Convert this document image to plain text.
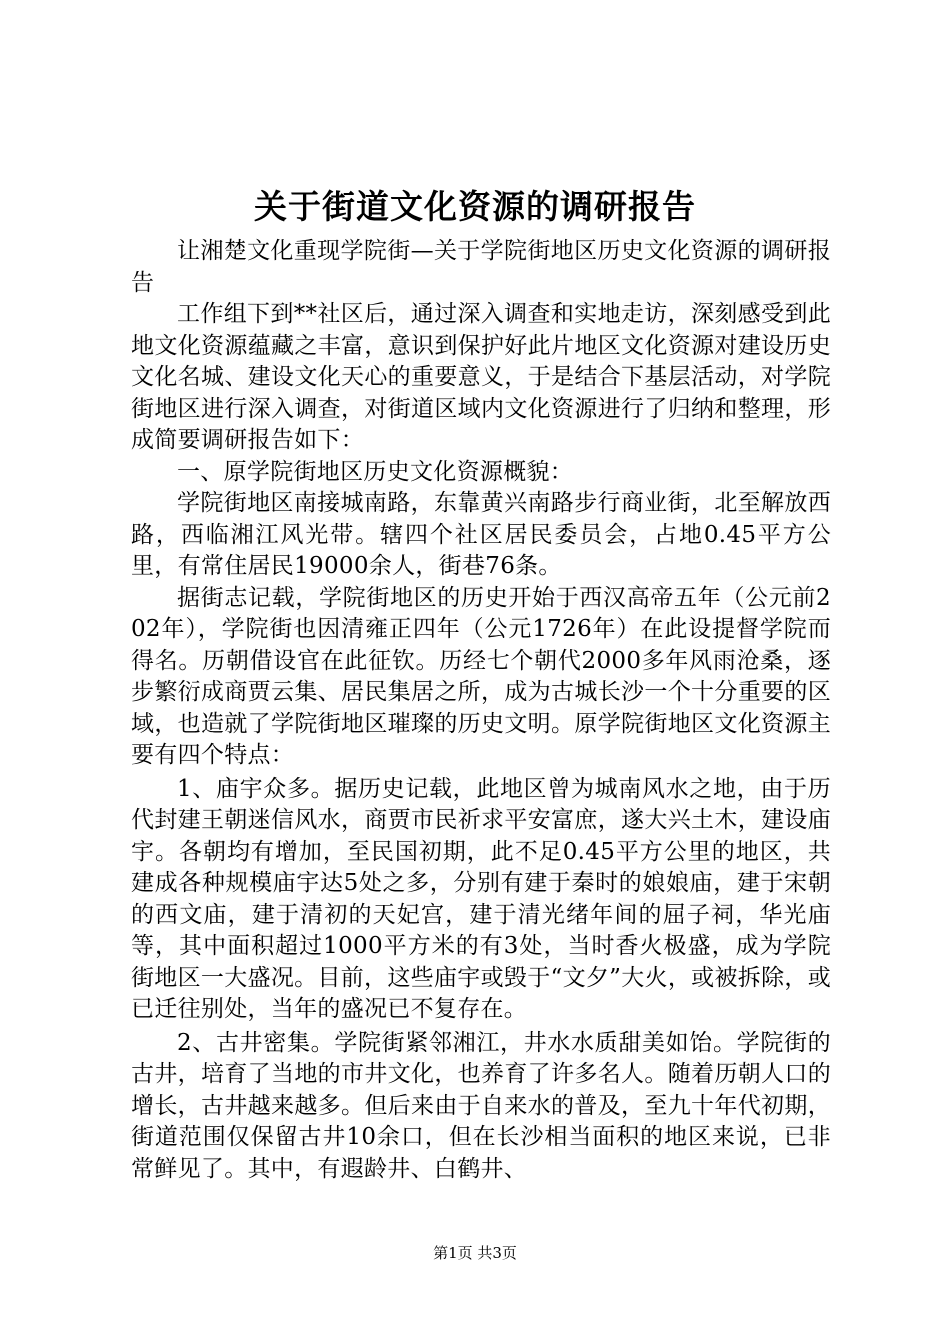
关于街道文化资源的调研报告

让湘楚文化重现学院街—关于学院街地区历史文化资源的调研报告

工作组下到**社区后，通过深入调查和实地走访，深刻感受到此地文化资源蕴藏之丰富，意识到保护好此片地区文化资源对建设历史文化名城、建设文化天心的重要意义，于是结合下基层活动，对学院街地区进行深入调查，对街道区域内文化资源进行了归纳和整理，形成简要调研报告如下：

一、原学院街地区历史文化资源概貌：

学院街地区南接城南路，东靠黄兴南路步行商业街，北至解放西路，西临湘江风光带。辖四个社区居民委员会，占地0.45平方公里，有常住居民19000余人，街巷76条。

据街志记载，学院街地区的历史开始于西汉高帝五年（公元前202年），学院街也因清雍正四年（公元1726年）在此设提督学院而得名。历朝借设官在此征钦。历经七个朝代2000多年风雨沧桑，逐步繁衍成商贾云集、居民集居之所，成为古城长沙一个十分重要的区域，也造就了学院街地区璀璨的历史文明。原学院街地区文化资源主要有四个特点：

1、庙宇众多。据历史记载，此地区曾为城南风水之地，由于历代封建王朝迷信风水，商贾市民祈求平安富庶，遂大兴土木，建设庙宇。各朝均有增加，至民国初期，此不足0.45平方公里的地区，共建成各种规模庙宇达5处之多，分别有建于秦时的娘娘庙，建于宋朝的西文庙，建于清初的天妃宫，建于清光绪年间的屈子祠，华光庙等，其中面积超过1000平方米的有3处，当时香火极盛，成为学院街地区一大盛况。目前，这些庙宇或毁于“文夕”大火，或被拆除，或已迁往别处，当年的盛况已不复存在。

2、古井密集。学院街紧邻湘江，井水水质甜美如饴。学院街的古井，培育了当地的市井文化，也养育了许多名人。随着历朝人口的增长，古井越来越多。但后来由于自来水的普及，至九十年代初期，街道范围仅保留古井10余口，但在长沙相当面积的地区来说，已非常鲜见了。其中，有遐龄井、白鹤井、

第1页 共3页
